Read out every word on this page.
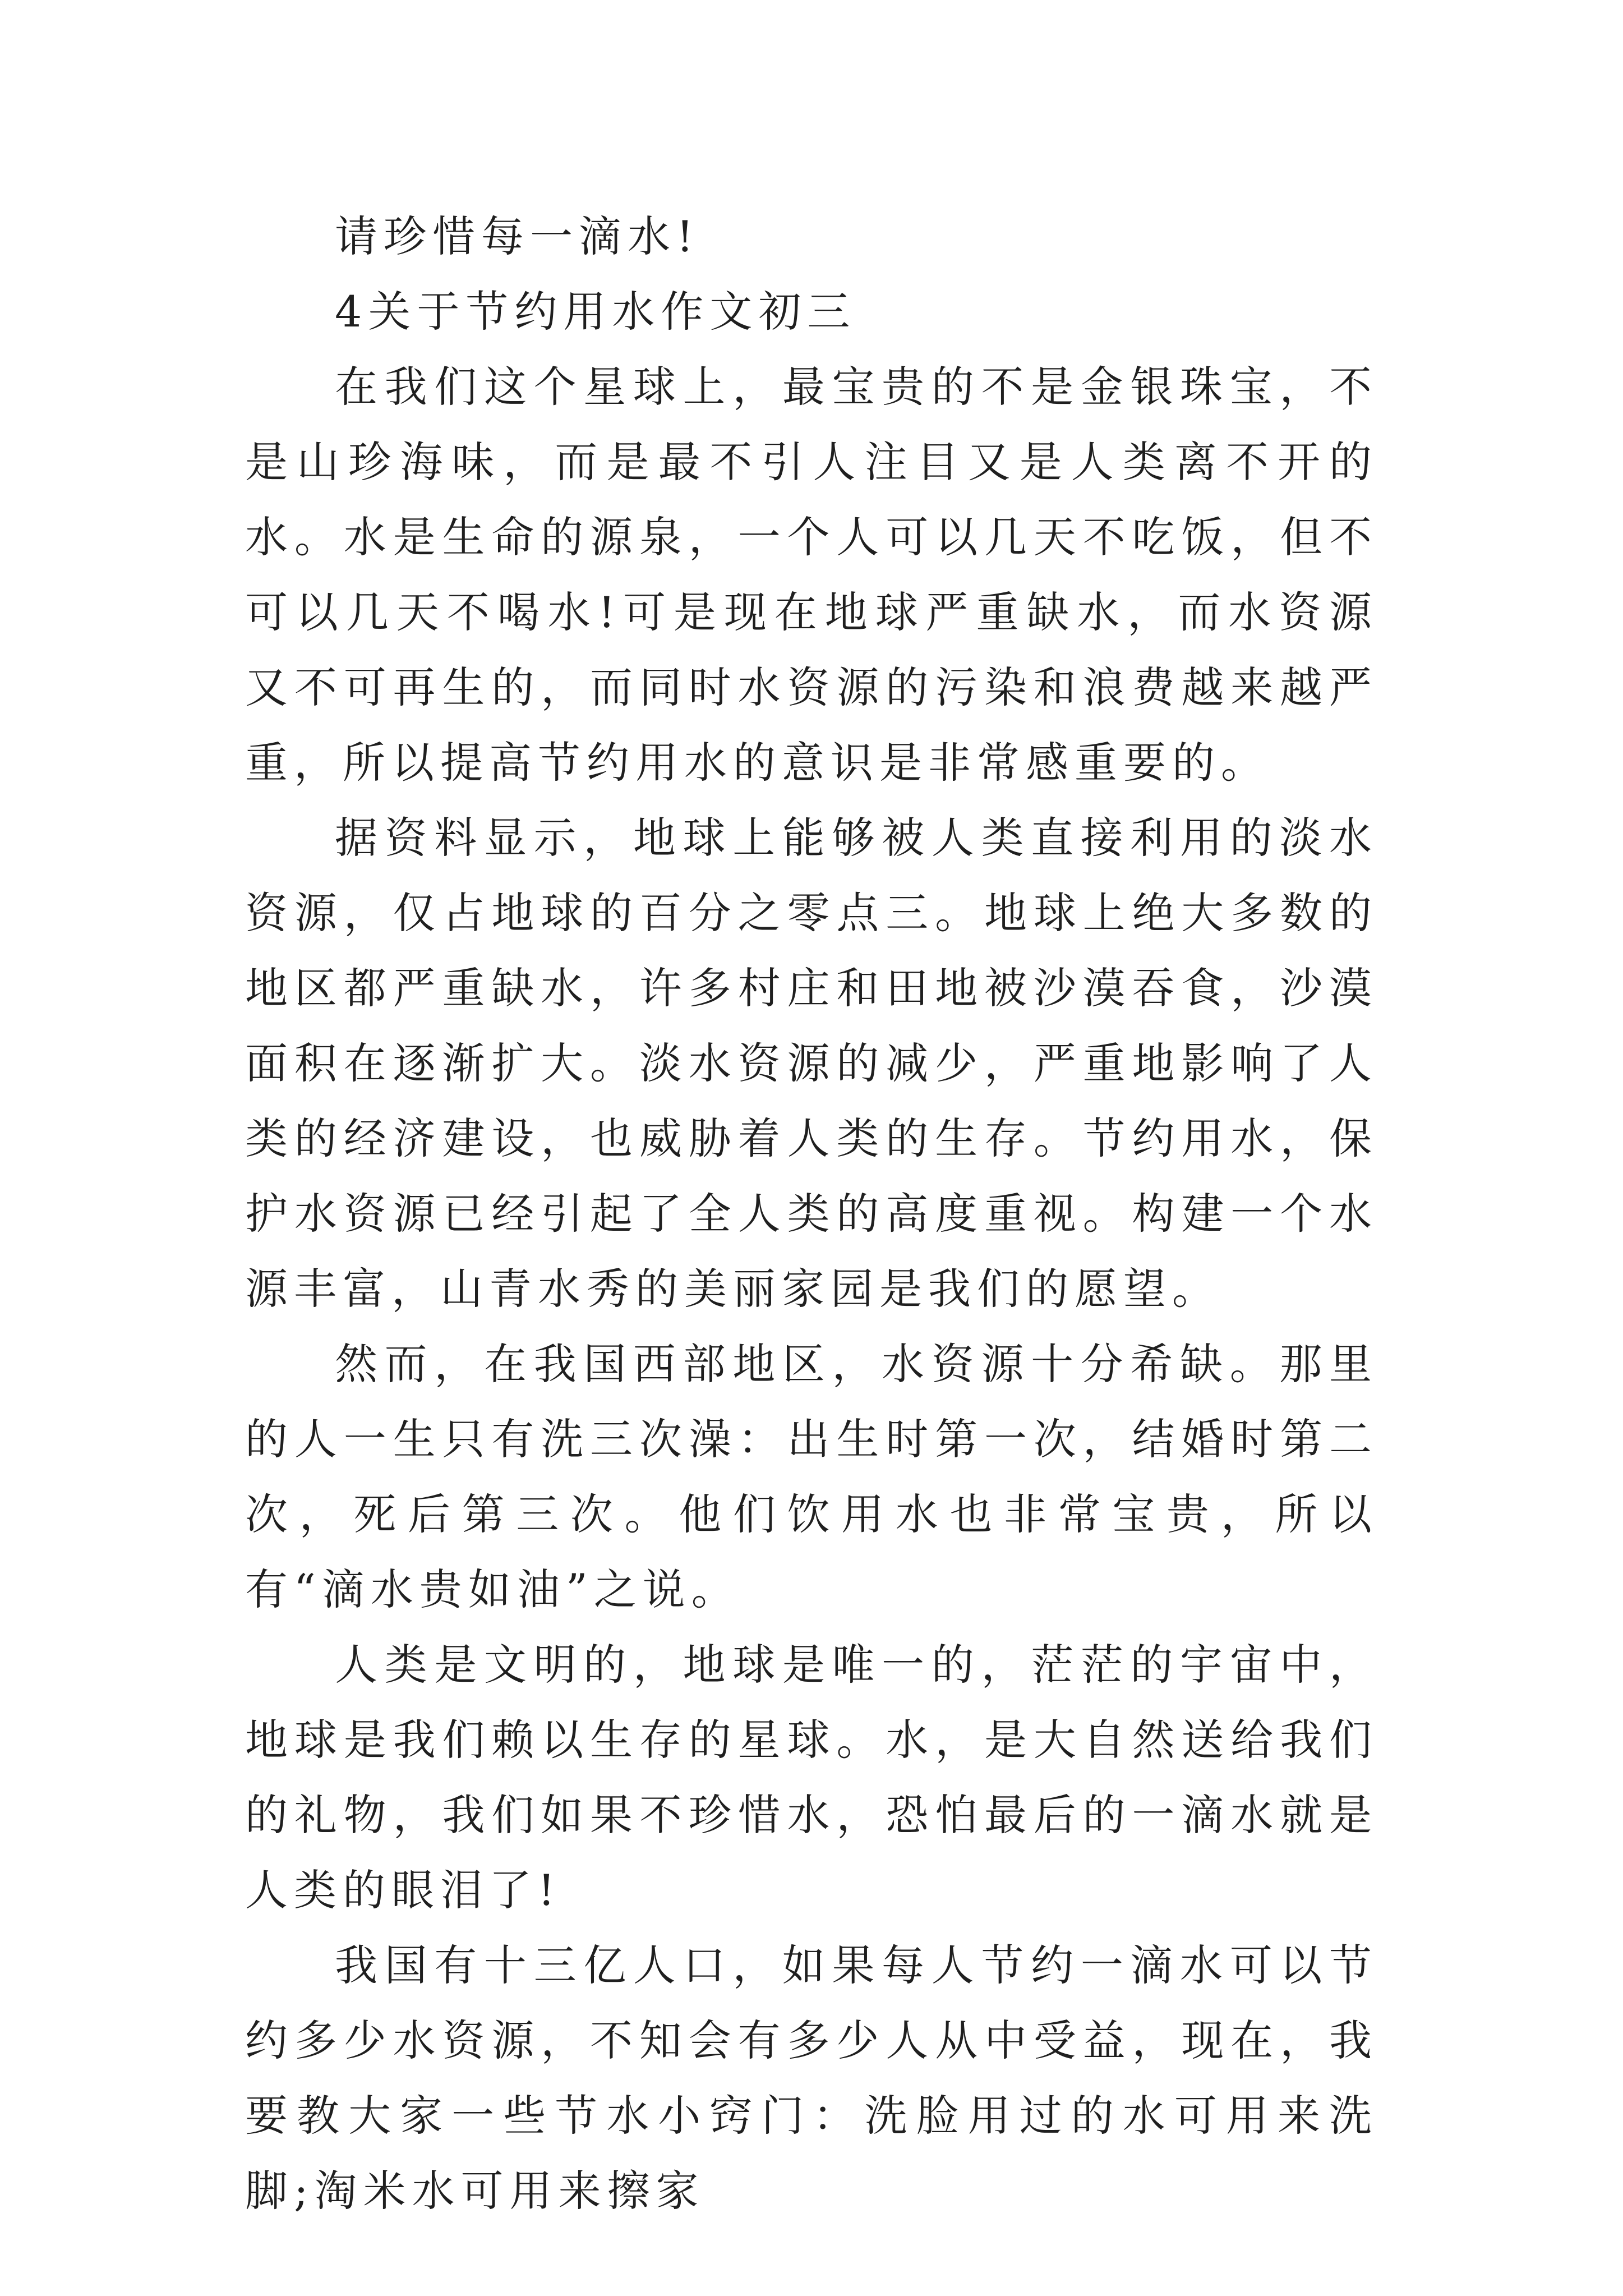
请珍惜每一滴水!

4关于节约用水作文初三

在我们这个星球上，最宝贵的不是金银珠宝，不是山珍海味，而是最不引人注目又是人类离不开的水。水是生命的源泉，一个人可以几天不吃饭，但不可以几天不喝水!可是现在地球严重缺水，而水资源又不可再生的，而同时水资源的污染和浪费越来越严重，所以提高节约用水的意识是非常感重要的。

据资料显示，地球上能够被人类直接利用的淡水资源，仅占地球的百分之零点三。地球上绝大多数的地区都严重缺水，许多村庄和田地被沙漠吞食，沙漠面积在逐渐扩大。淡水资源的减少，严重地影响了人类的经济建设，也威胁着人类的生存。节约用水，保护水资源已经引起了全人类的高度重视。构建一个水源丰富，山青水秀的美丽家园是我们的愿望。

然而，在我国西部地区，水资源十分希缺。那里的人一生只有洗三次澡：出生时第一次，结婚时第二次，死后第三次。他们饮用水也非常宝贵，所以有“滴水贵如油”之说。

人类是文明的，地球是唯一的，茫茫的宇宙中，地球是我们赖以生存的星球。水，是大自然送给我们的礼物，我们如果不珍惜水，恐怕最后的一滴水就是人类的眼泪了!

我国有十三亿人口，如果每人节约一滴水可以节约多少水资源，不知会有多少人从中受益，现在，我要教大家一些节水小窍门：洗脸用过的水可用来洗脚;淘米水可用来擦家
